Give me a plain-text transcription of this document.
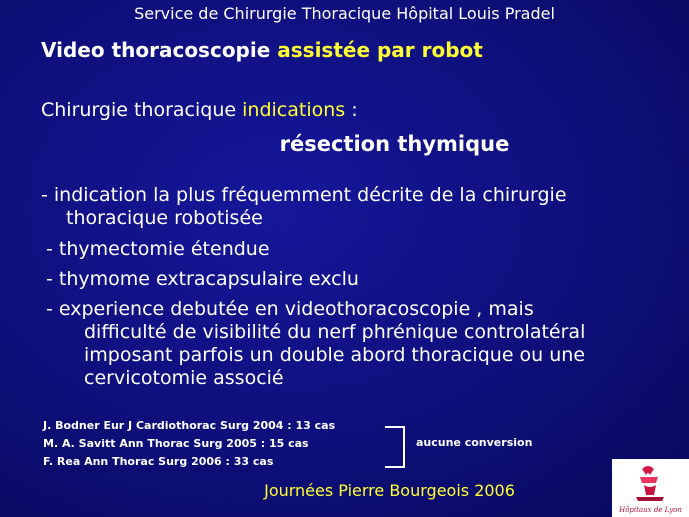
Service de Chirurgie Thoracique Hôpital Louis Pradel
Video thoracoscopie assistée par robot
Chirurgie thoracique indications :
résection thymique
- indication la plus fréquemment décrite de la chirurgie
thoracique robotisée
- thymectomie étendue
- thymome extracapsulaire exclu
- experience debutée en videothoracoscopie , mais
difficulté de visibilité du nerf phrénique controlatéral
imposant parfois un double abord thoracique ou une
cervicotomie associé
J. Bodner Eur J Cardiothorac Surg 2004 : 13 cas
M. A. Savitt Ann Thorac Surg 2005 : 15 cas
F. Rea Ann Thorac Surg 2006 : 33 cas
aucune conversion
Journées Pierre Bourgeois 2006
Hôpitaux de Lyon
